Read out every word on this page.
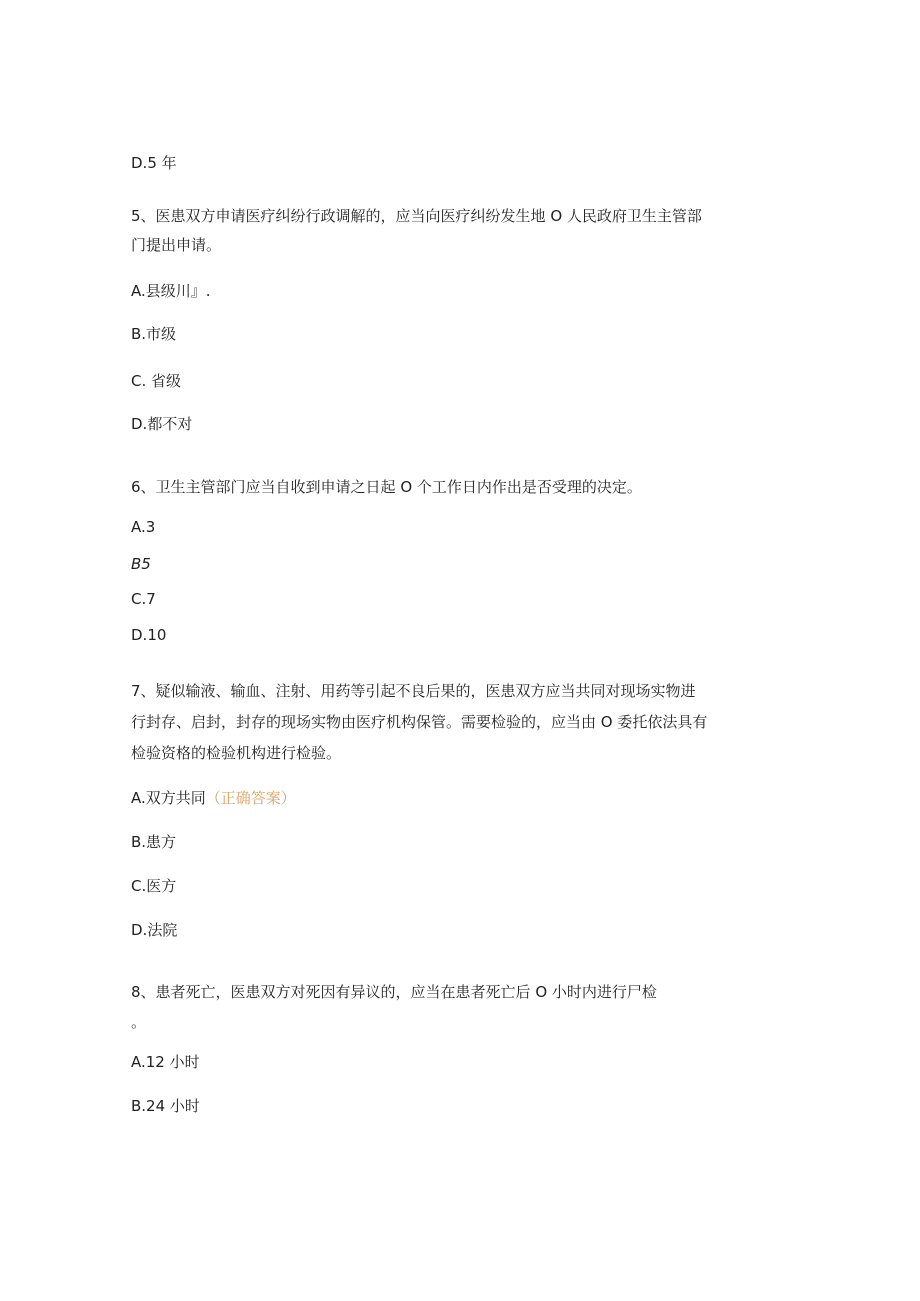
D.5 年
5、医患双方申请医疗纠纷行政调解的，应当向医疗纠纷发生地 O 人民政府卫生主管部
门提出申请。
A.县级川』.
B.市级
C. 省级
D.都不对
6、卫生主管部门应当自收到申请之日起 O 个工作日内作出是否受理的决定。
A.3
B5
C.7
D.10
7、疑似输液、输血、注射、用药等引起不良后果的，医患双方应当共同对现场实物进
行封存、启封，封存的现场实物由医疗机构保管。需要检验的，应当由 O 委托依法具有
检验资格的检验机构进行检验。
A.双方共同（正确答案）
B.患方
C.医方
D.法院
8、患者死亡，医患双方对死因有异议的，应当在患者死亡后 O 小时内进行尸检
。
A.12 小时
B.24 小时
